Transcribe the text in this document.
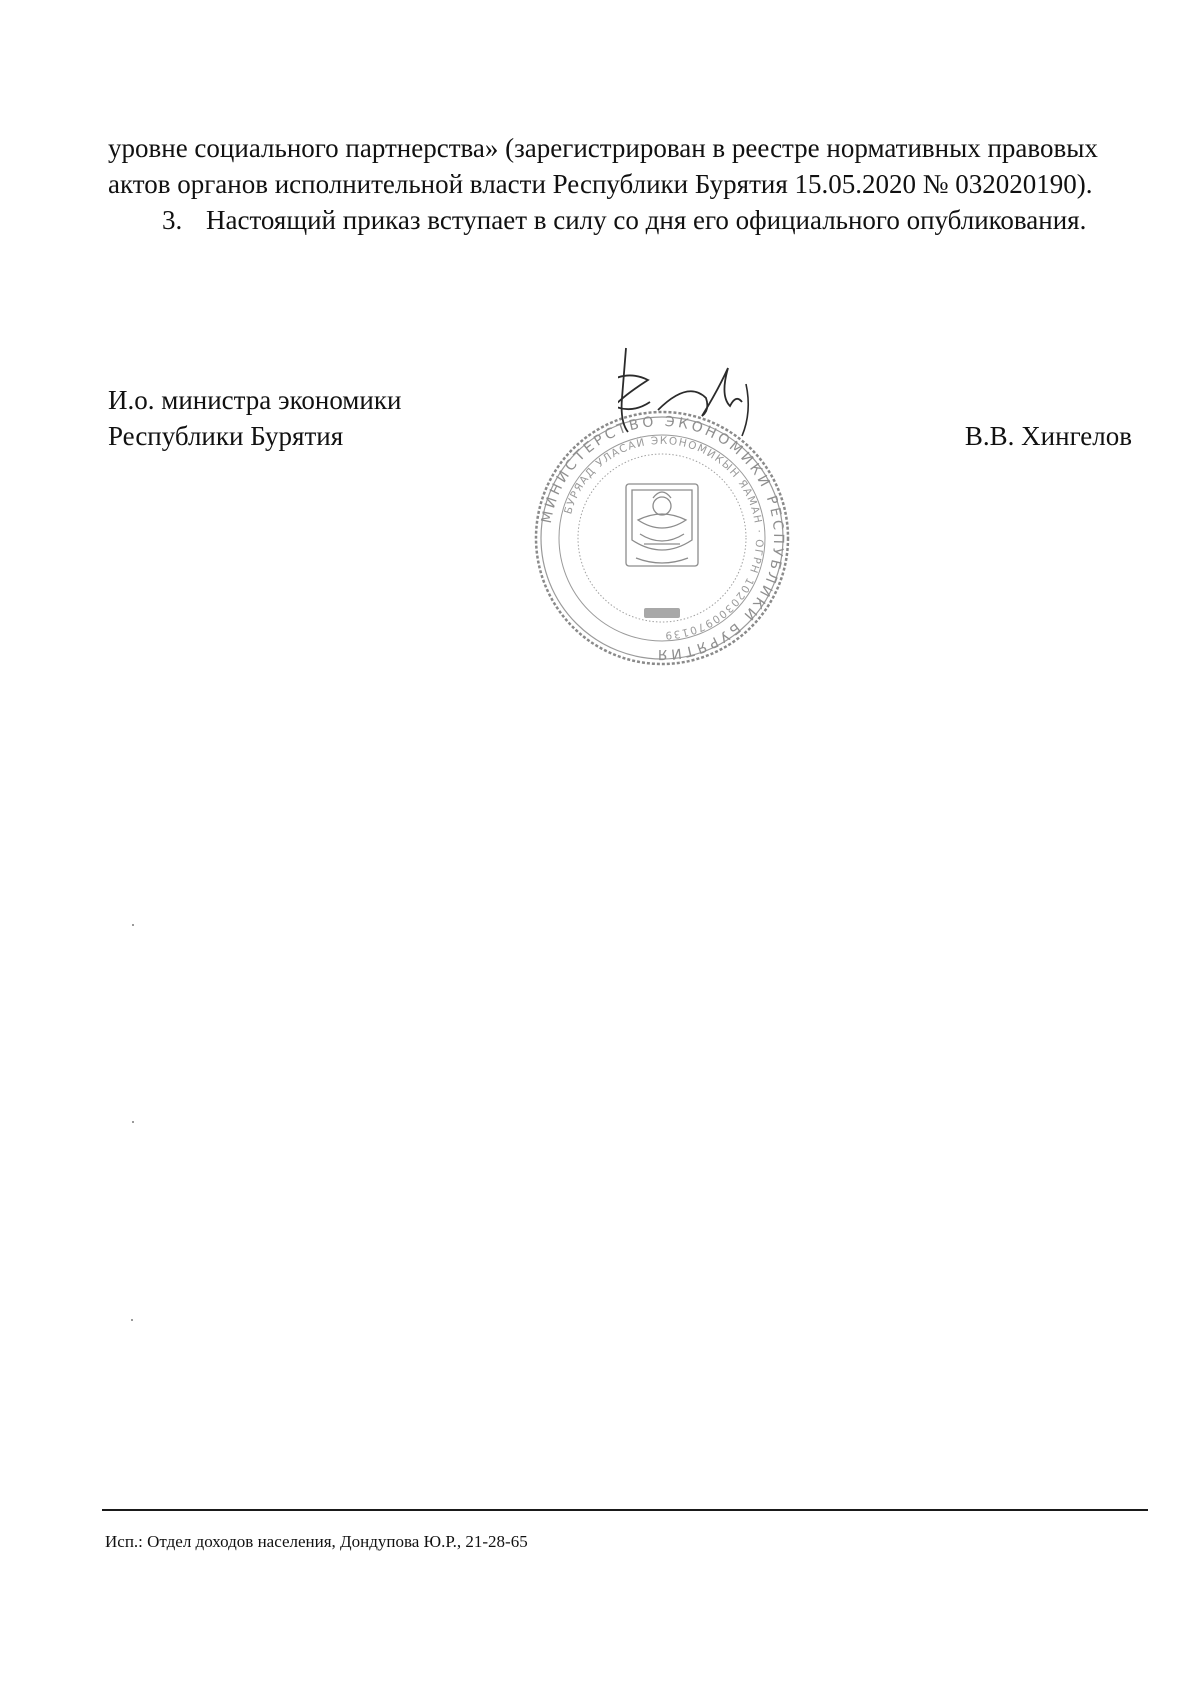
уровне социального партнерства» (зарегистрирован в реестре нормативных правовых
актов органов исполнительной власти Республики Бурятия 15.05.2020 № 032020190).
3. Настоящий приказ вступает в силу со дня его официального опубликования.
И.о. министра экономики
Республики Бурятия
МИНИСТЕРСТВО ЭКОНОМИКИ РЕСПУБЛИКИ БУРЯТИЯ
БУРЯАД УЛАСАЙ ЭКОНОМИКЫН ЯАМАН · ОГРН 1020300970139
В.В. Хингелов
Исп.: Отдел доходов населения, Дондупова Ю.Р., 21-28-65
